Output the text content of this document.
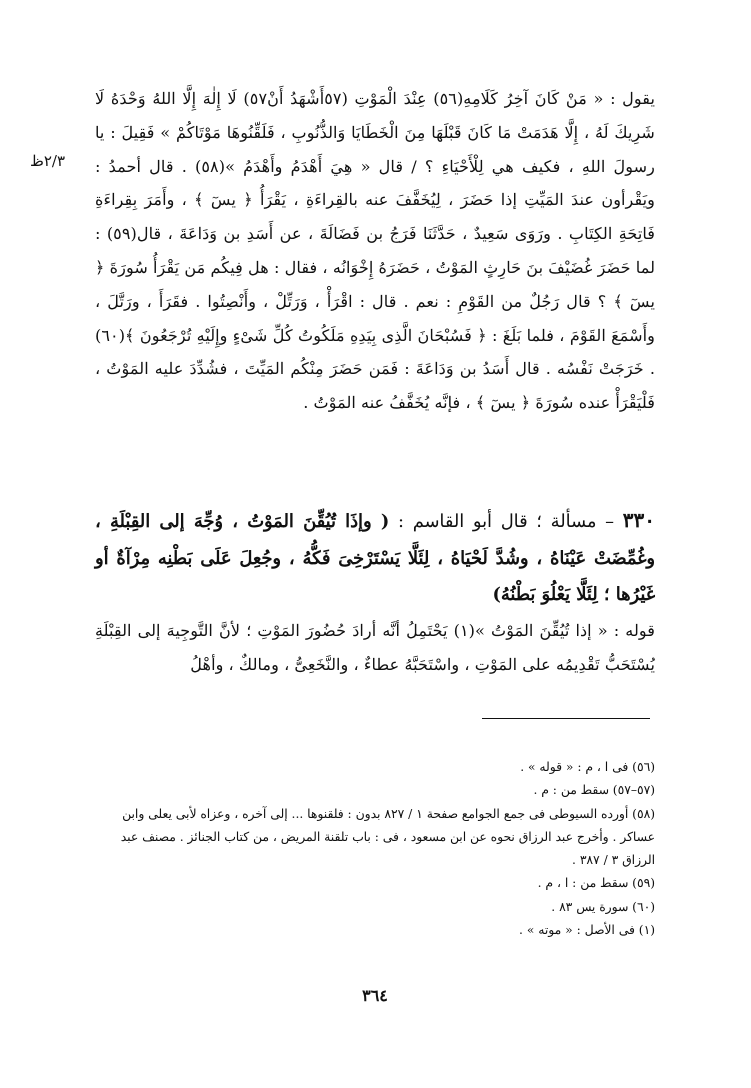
٢/٣ظ

يقول : « مَنْ كَانَ آخِرُ كَلَامِهِ(٥٦) عِنْدَ الْمَوْتِ (٥٧أَشْهَدُ أَنْ٥٧) لَا إِلٰهَ إِلَّا اللهُ وَحْدَهُ لَا شَرِيكَ لَهُ ، إِلَّا هَدَمَتْ مَا كَانَ قَبْلَهَا مِنَ الْخَطَايَا وَالذُّنُوبِ ، فَلَقِّنُوهَا مَوْتَاكُمْ » فَقِيلَ : يا رسولَ اللهِ ، فكيف هي لِلْأَحْيَاءِ ؟ / قال « هِيَ أَهْدَمُ وأَهْدَمُ »(٥٨) . قال أحمدُ : ويَقْرأون عندَ المَيِّتِ إذا حَضَرَ ، لِيُخَفَّفَ عنه بالقِراءَةِ ، يَقْرَأُ ﴿ يسٓ ﴾ ، وأَمَرَ بِقِراءَةِ فَاتِحَةِ الكِتَابِ . ورَوَى سَعِيدٌ ، حَدَّثَنَا فَرَجُ بن فَضَالَةَ ، عن أَسَدِ بن وَدَاعَةَ ، قال(٥٩) : لما حَضَرَ غُضَيْفَ بنَ حَارِثٍ المَوْتُ ، حَضَرَهُ إِخْوَانُه ، فقال : هل فِيكُم مَن يَقْرَأُ سُورَةَ ﴿ يسٓ ﴾ ؟ قال رَجُلٌ من القَوْمِ : نعم . قال : اقْرَأْ ، وَرَتِّلْ ، وأَنْصِتُوا . فقَرَأَ ، ورَتَّلَ ، وأَسْمَعَ القَوْمَ ، فلما بَلَغَ : ﴿ فَسُبْحَانَ الَّذِى بِيَدِهِ مَلَكُوتُ كُلِّ شَىْءٍ وإِلَيْهِ تُرْجَعُونَ ﴾(٦٠) . خَرَجَتْ نَفْسُه . قال أَسَدُ بن وَدَاعَةَ : فَمَن حَضَرَ مِنْكُم المَيِّتَ ، فشُدِّدَ عليه المَوْتُ ، فَلْيَقْرَأْ عنده سُورَةَ ﴿ يسٓ ﴾ ، فإنَّه يُخَفَّفُ عنه المَوْتُ .

٣٣٠ – مسألة ؛ قال أبو القاسم : ( وإذَا تُيُقِّنَ المَوْتُ ، وُجِّهَ إلى القِبْلَةِ ، وغُمِّضَتْ عَيْنَاهُ ، وشُدَّ لَحْيَاهُ ، لِئَلَّا يَسْتَرْخِىَ فَكُّهُ ، وجُعِلَ عَلَى بَطْنِه مِرْآةٌ أو غَيْرُها ؛ لِئَلَّا يَعْلُوَ بَطْنُهُ)

قوله : « إذا تُيُقِّنَ المَوْتُ »(١) يَحْتَمِلُ أنَّه أرادَ حُضُورَ المَوْتِ ؛ لأنَّ التَّوجِيهَ إلى القِبْلَةِ يُسْتَحَبُّ تَقْدِيمُه على المَوْتِ ، واسْتَحَبَّهُ عطاءٌ ، والنَّخَعِىُّ ، ومالكٌ ، وأهْلُ

(٥٦) فى ا ، م : « قوله » .
(٥٧–٥٧) سقط من : م .
(٥٨) أورده السيوطى فى جمع الجوامع صفحة ١ / ٨٢٧ بدون : فلقنوها ... إلى آخره ، وعزاه لأبى يعلى وابن عساكر . وأخرج عبد الرزاق نحوه عن ابن مسعود ، فى : باب تلقنة المريض ، من كتاب الجنائز . مصنف عبد الرزاق ٣ / ٣٨٧ .
(٥٩) سقط من : ا ، م .
(٦٠) سورة يس ٨٣ .
(١) فى الأصل : « موته » .
٣٦٤
